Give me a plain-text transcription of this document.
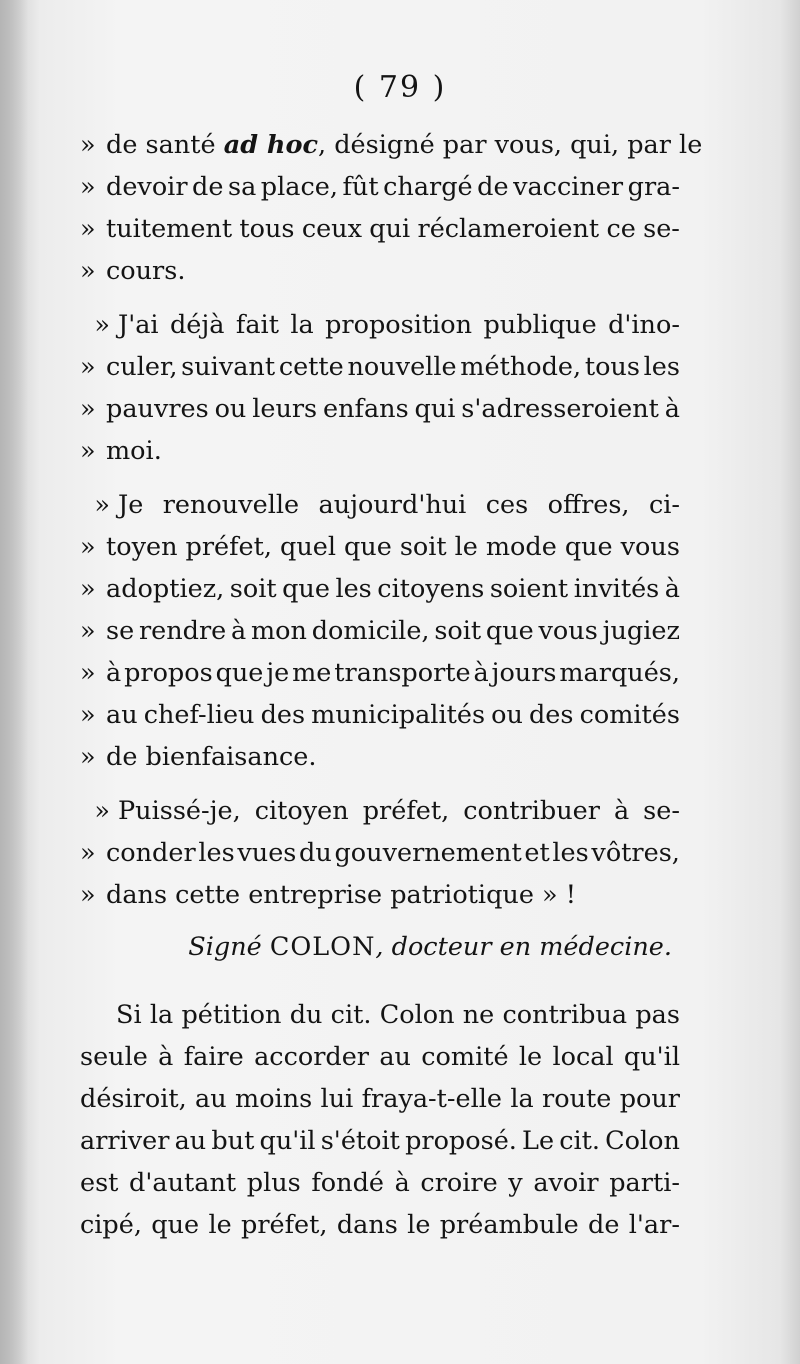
( 79 )
» de santé ad hoc, désigné par vous, qui, par le
» devoir de sa place, fût chargé de vacciner gra-
» tuitement tous ceux qui réclameroient ce se-
» cours.
» J'ai déjà fait la proposition publique d'ino-
» culer, suivant cette nouvelle méthode, tous les
» pauvres ou leurs enfans qui s'adresseroient à
» moi.
» Je renouvelle aujourd'hui ces offres, ci-
» toyen préfet, quel que soit le mode que vous
» adoptiez, soit que les citoyens soient invités à
» se rendre à mon domicile, soit que vous jugiez
» à propos que je me transporte à jours marqués,
» au chef-lieu des municipalités ou des comités
» de bienfaisance.
» Puissé-je, citoyen préfet, contribuer à se-
» conder les vues du gouvernement et les vôtres,
» dans cette entreprise patriotique » !
Signé COLON, docteur en médecine.
Si la pétition du cit. Colon ne contribua pas
seule à faire accorder au comité le local qu'il
désiroit, au moins lui fraya-t-elle la route pour
arriver au but qu'il s'étoit proposé. Le cit. Colon
est d'autant plus fondé à croire y avoir parti-
cipé, que le préfet, dans le préambule de l'ar-
